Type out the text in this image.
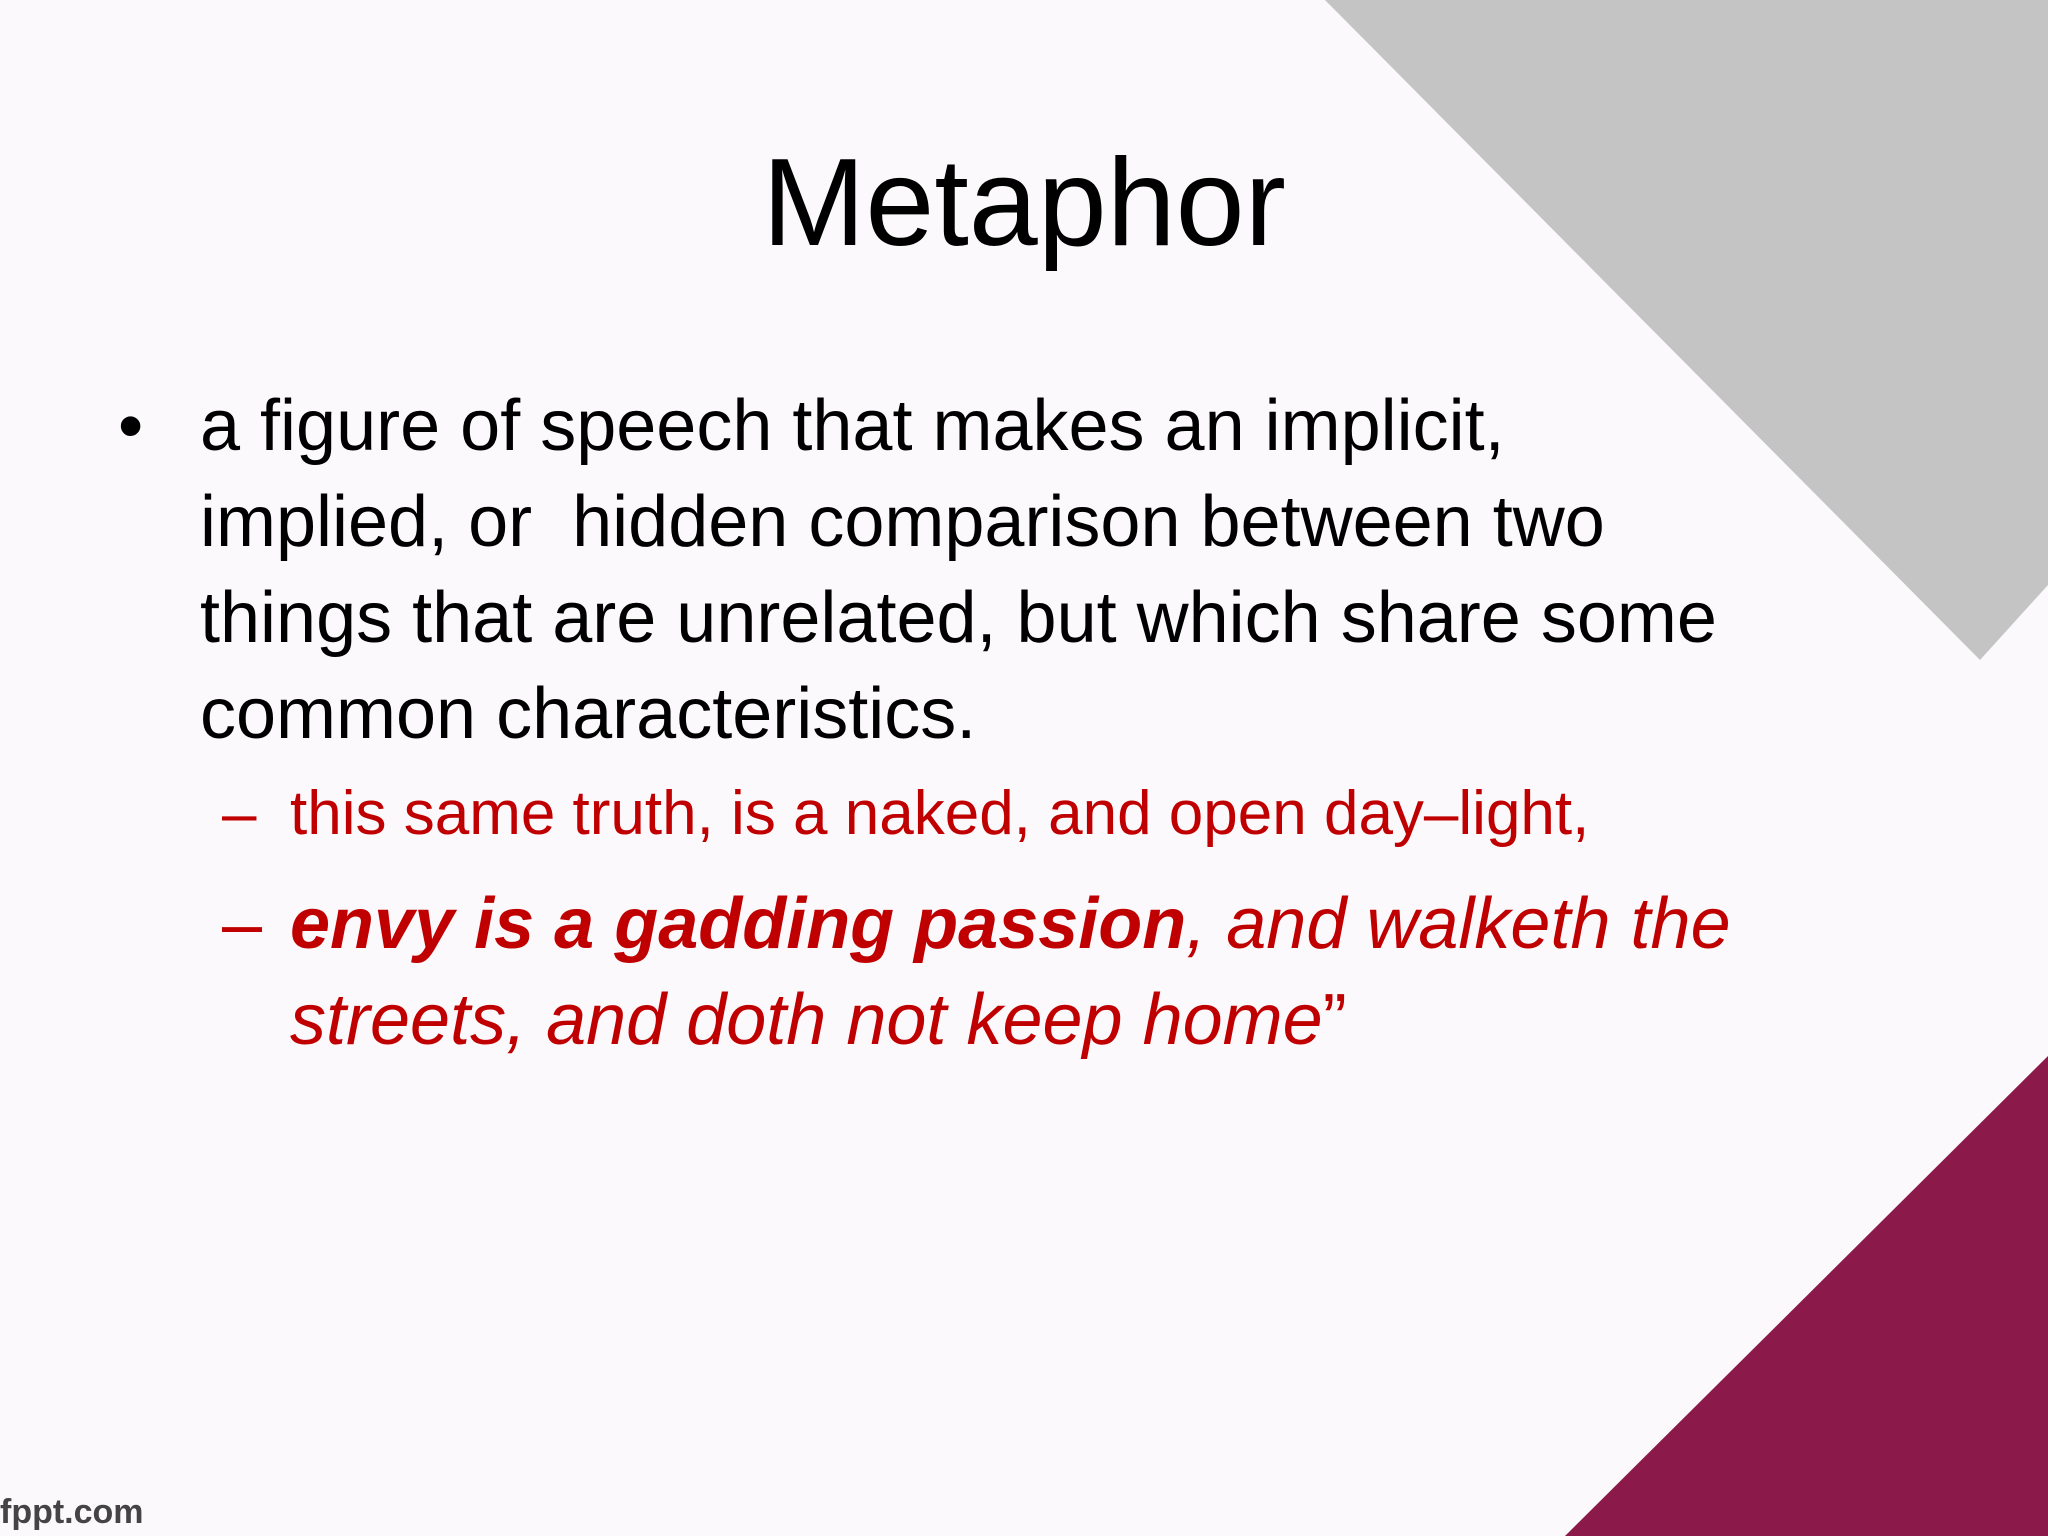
Metaphor
• a figure of speech that makes an implicit,
implied, or  hidden comparison between two
things that are unrelated, but which share some
common characteristics.
– this same truth, is a naked, and open day–light,
– envy is a gadding passion, and walketh the
streets, and doth not keep home”
fppt.com
